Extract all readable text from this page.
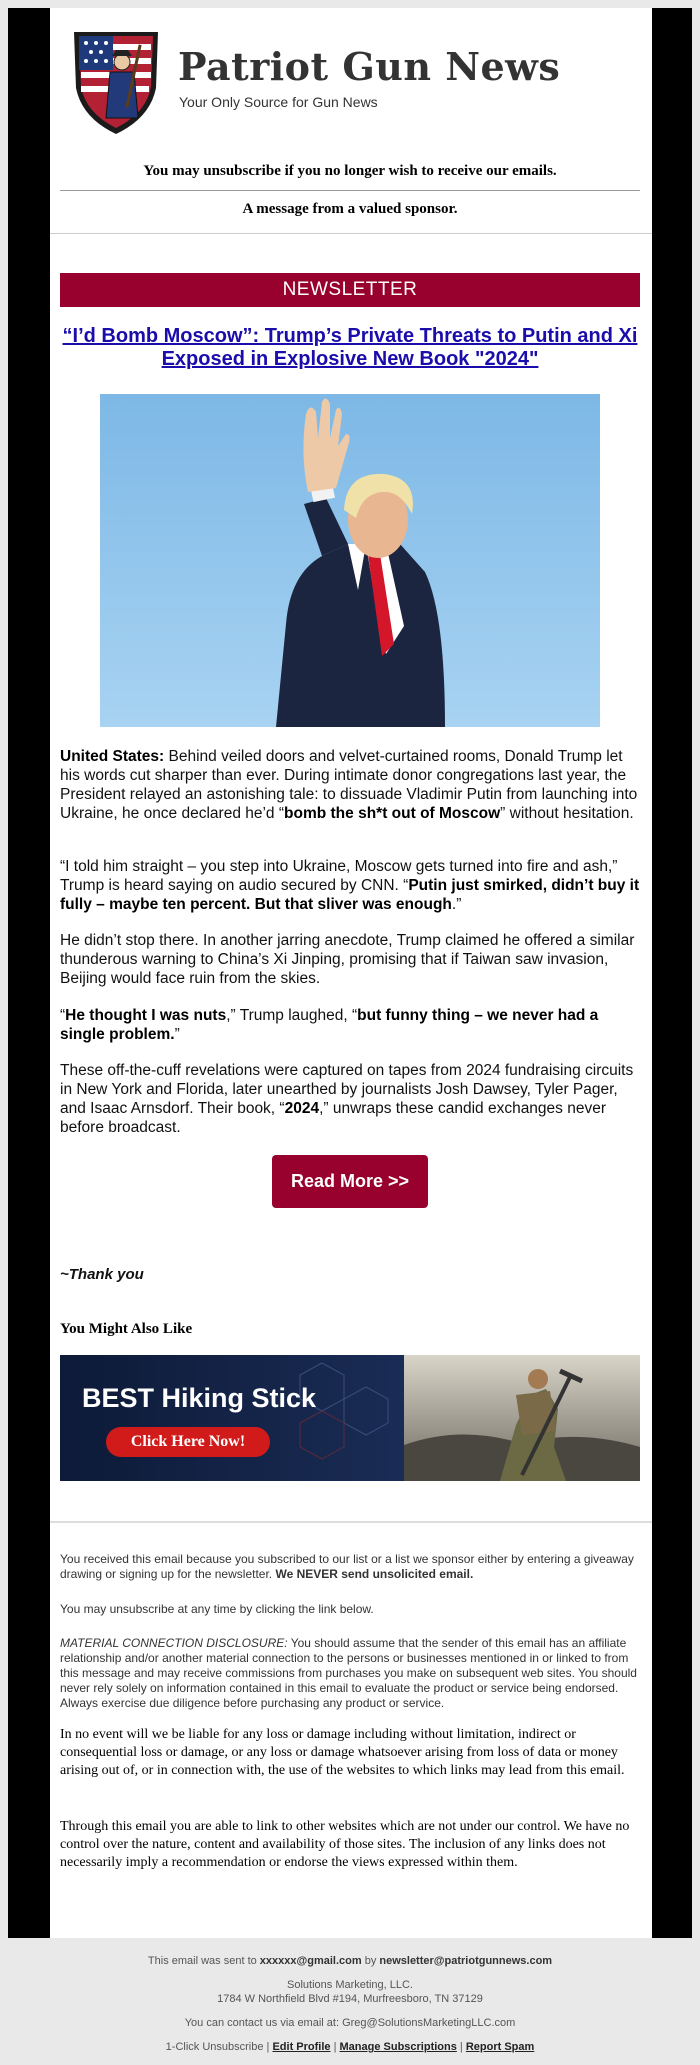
Patriot Gun News
Your Only Source for Gun News
You may unsubscribe if you no longer wish to receive our emails.
A message from a valued sponsor.
NEWSLETTER
“I’d Bomb Moscow”: Trump’s Private Threats to Putin and Xi Exposed in Explosive New Book "2024"
United States: Behind veiled doors and velvet-curtained rooms, Donald Trump let his words cut sharper than ever. During intimate donor congregations last year, the President relayed an astonishing tale: to dissuade Vladimir Putin from launching into Ukraine, he once declared he’d “bomb the sh*t out of Moscow” without hesitation.
“I told him straight – you step into Ukraine, Moscow gets turned into fire and ash,” Trump is heard saying on audio secured by CNN. “Putin just smirked, didn’t buy it fully – maybe ten percent. But that sliver was enough.”
He didn’t stop there. In another jarring anecdote, Trump claimed he offered a similar thunderous warning to China’s Xi Jinping, promising that if Taiwan saw invasion, Beijing would face ruin from the skies.
“He thought I was nuts,” Trump laughed, “but funny thing – we never had a single problem.”
These off-the-cuff revelations were captured on tapes from 2024 fundraising circuits in New York and Florida, later unearthed by journalists Josh Dawsey, Tyler Pager, and Isaac Arnsdorf. Their book, “2024,” unwraps these candid exchanges never before broadcast.
Read More >>
~Thank you
You Might Also Like
BEST Hiking Stick
Click Here Now!
You received this email because you subscribed to our list or a list we sponsor either by entering a giveaway drawing or signing up for the newsletter. We NEVER send unsolicited email.
You may unsubscribe at any time by clicking the link below.
MATERIAL CONNECTION DISCLOSURE: You should assume that the sender of this email has an affiliate relationship and/or another material connection to the persons or businesses mentioned in or linked to from this message and may receive commissions from purchases you make on subsequent web sites. You should never rely solely on information contained in this email to evaluate the product or service being endorsed. Always exercise due diligence before purchasing any product or service.
In no event will we be liable for any loss or damage including without limitation, indirect or consequential loss or damage, or any loss or damage whatsoever arising from loss of data or money arising out of, or in connection with, the use of the websites to which links may lead from this email.
Through this email you are able to link to other websites which are not under our control. We have no control over the nature, content and availability of those sites. The inclusion of any links does not necessarily imply a recommendation or endorse the views expressed within them.
This email was sent to xxxxxx@gmail.com by newsletter@patriotgunnews.com
Solutions Marketing, LLC.
1784 W Northfield Blvd #194, Murfreesboro, TN 37129
You can contact us via email at: Greg@SolutionsMarketingLLC.com
1-Click Unsubscribe | Edit Profile | Manage Subscriptions | Report Spam
